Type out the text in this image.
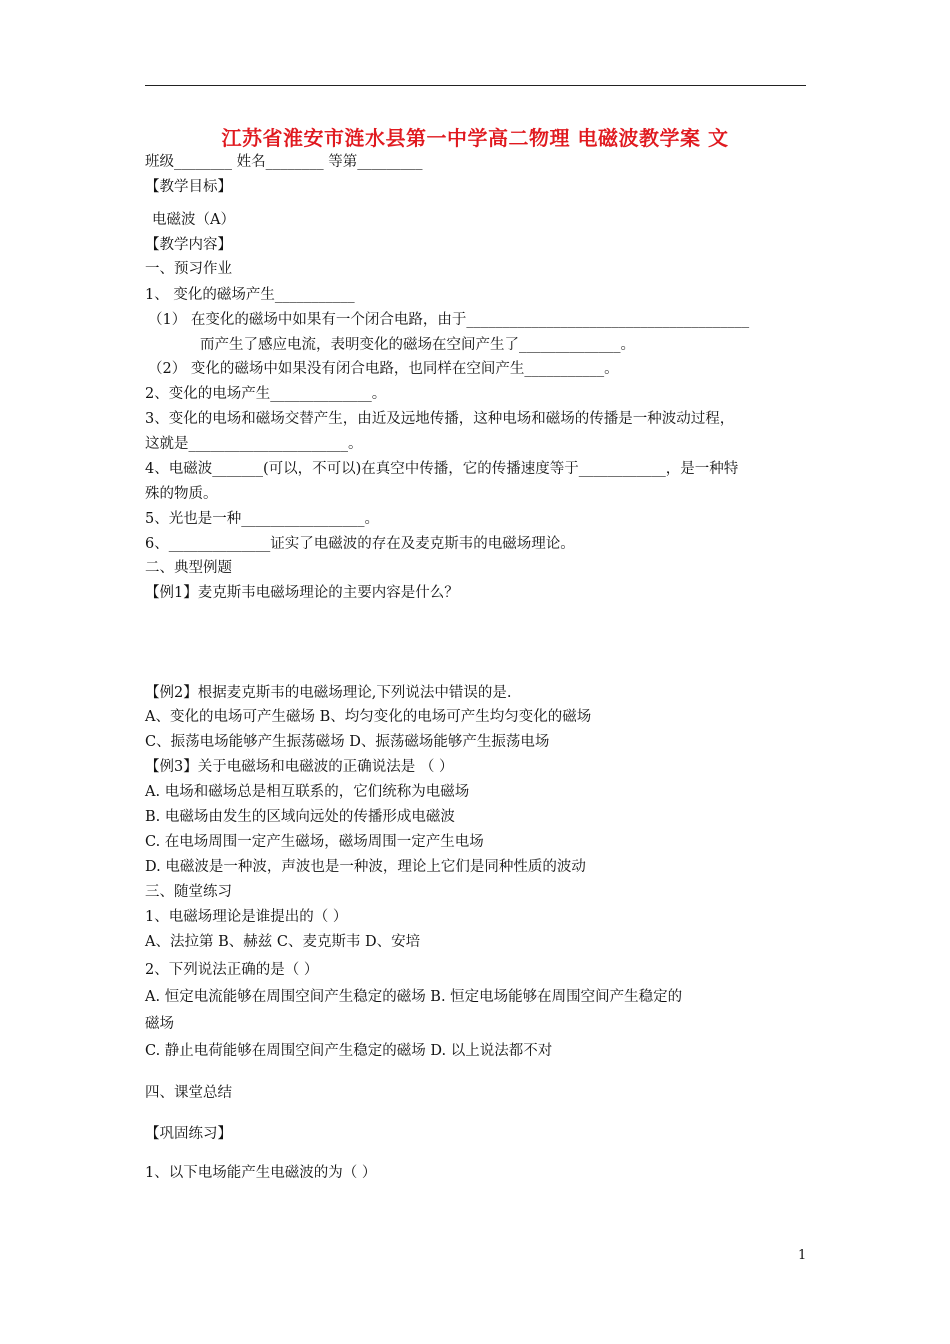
江苏省淮安市涟水县第一中学高二物理 电磁波教学案 文
班级________ 姓名________ 等第_________
【教学目标】
电磁波（A）
【教学内容】
一、预习作业
1、 变化的磁场产生___________
（1） 在变化的磁场中如果有一个闭合电路，由于_______________________________________
而产生了感应电流，表明变化的磁场在空间产生了______________。
（2） 变化的磁场中如果没有闭合电路，也同样在空间产生___________。
2、变化的电场产生______________。
3、变化的电场和磁场交替产生，由近及远地传播，这种电场和磁场的传播是一种波动过程，
这就是______________________。
4、电磁波_______(可以，不可以)在真空中传播，它的传播速度等于____________，是一种特
殊的物质。
5、光也是一种_________________。
6、______________证实了电磁波的存在及麦克斯韦的电磁场理论。
二、典型例题
【例1】麦克斯韦电磁场理论的主要内容是什么？
【例2】根据麦克斯韦的电磁场理论,下列说法中错误的是.
A、变化的电场可产生磁场 B、均匀变化的电场可产生均匀变化的磁场
C、振荡电场能够产生振荡磁场 D、振荡磁场能够产生振荡电场
【例3】关于电磁场和电磁波的正确说法是 （ ）
A. 电场和磁场总是相互联系的，它们统称为电磁场
B. 电磁场由发生的区域向远处的传播形成电磁波
C. 在电场周围一定产生磁场，磁场周围一定产生电场
D. 电磁波是一种波，声波也是一种波，理论上它们是同种性质的波动
三、随堂练习
1、电磁场理论是谁提出的（ ）
A、法拉第 B、赫兹 C、麦克斯韦 D、安培
2、下列说法正确的是（ ）
A. 恒定电流能够在周围空间产生稳定的磁场 B. 恒定电场能够在周围空间产生稳定的
磁场
C. 静止电荷能够在周围空间产生稳定的磁场 D. 以上说法都不对
四、课堂总结
【巩固练习】
1、以下电场能产生电磁波的为（ ）
1
